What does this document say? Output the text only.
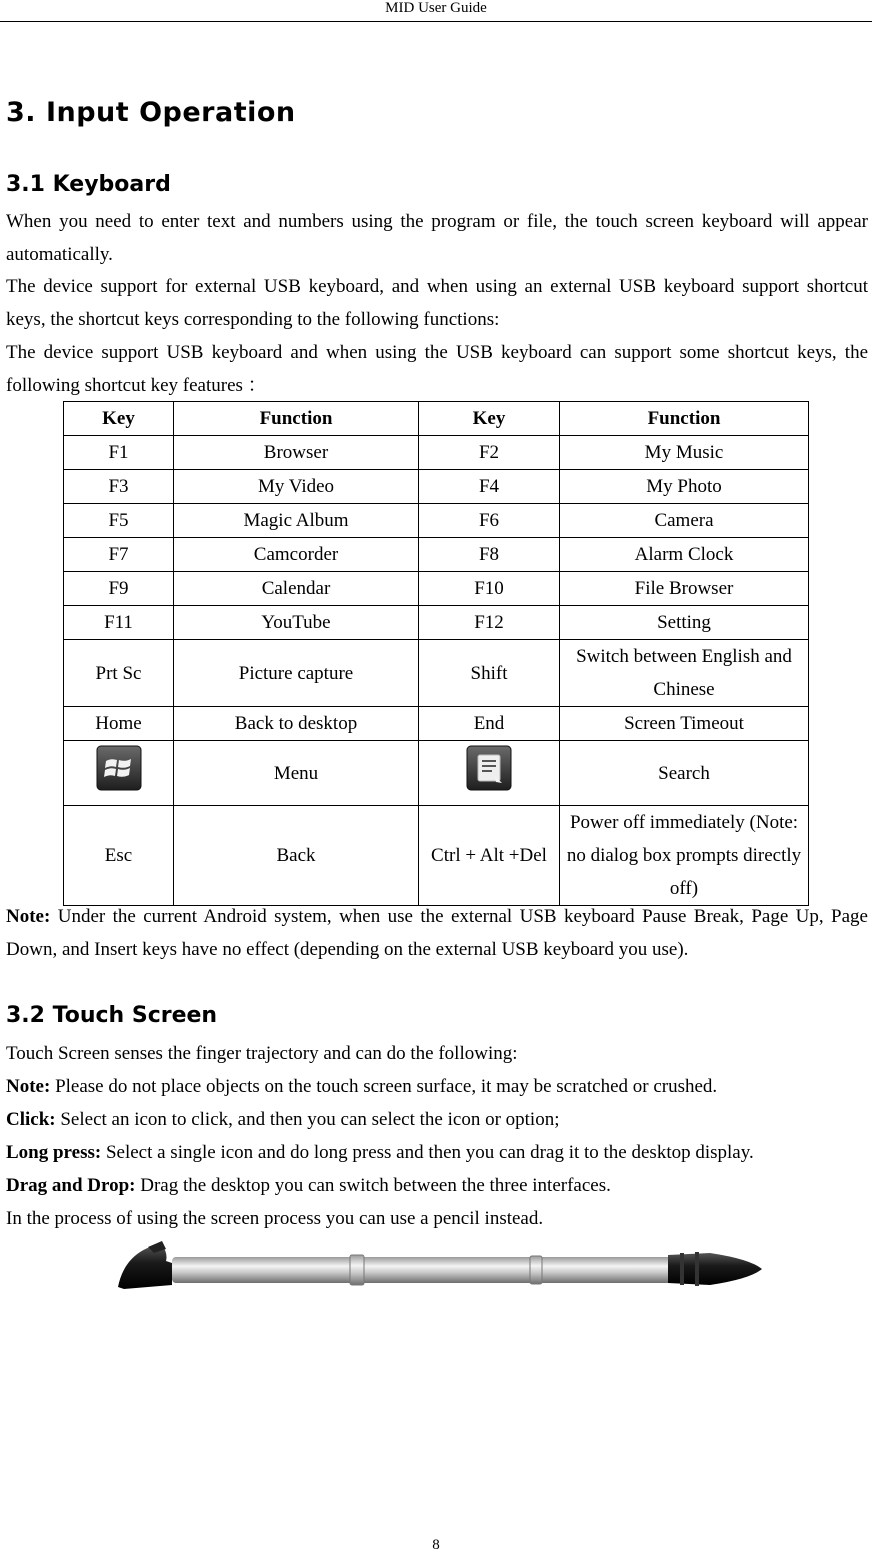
MID User Guide
3. Input Operation
3.1 Keyboard

When you need to enter text and numbers using the program or file, the touch screen keyboard will appear automatically.

The device support for external USB keyboard, and when using an external USB keyboard support shortcut keys, the shortcut keys corresponding to the following functions:

The device support USB keyboard and when using the USB keyboard can support some shortcut keys, the following shortcut key features ：

Key	Function	Key	Function
F1	Browser	F2	My Music
F3	My Video	F4	My Photo
F5	Magic Album	F6	Camera
F7	Camcorder	F8	Alarm Clock
F9	Calendar	F10	File Browser
F11	YouTube	F12	Setting
Prt Sc	Picture capture	Shift	Switch between English and Chinese
Home	Back to desktop	End	Screen Timeout
	Menu		Search
Esc	Back	Ctrl + Alt +Del	Power off immediately (Note: no dialog box prompts directly off)

Note: Under the current Android system, when use the external USB keyboard Pause Break, Page Up, Page Down, and Insert keys have no effect (depending on the external USB keyboard you use).

3.2 Touch Screen

Touch Screen senses the finger trajectory and can do the following:

Note: Please do not place objects on the touch screen surface, it may be scratched or crushed.

Click: Select an icon to click, and then you can select the icon or option;

Long press: Select a single icon and do long press and then you can drag it to the desktop display.

Drag and Drop: Drag the desktop you can switch between the three interfaces.

In the process of using the screen process you can use a pencil instead.

8
